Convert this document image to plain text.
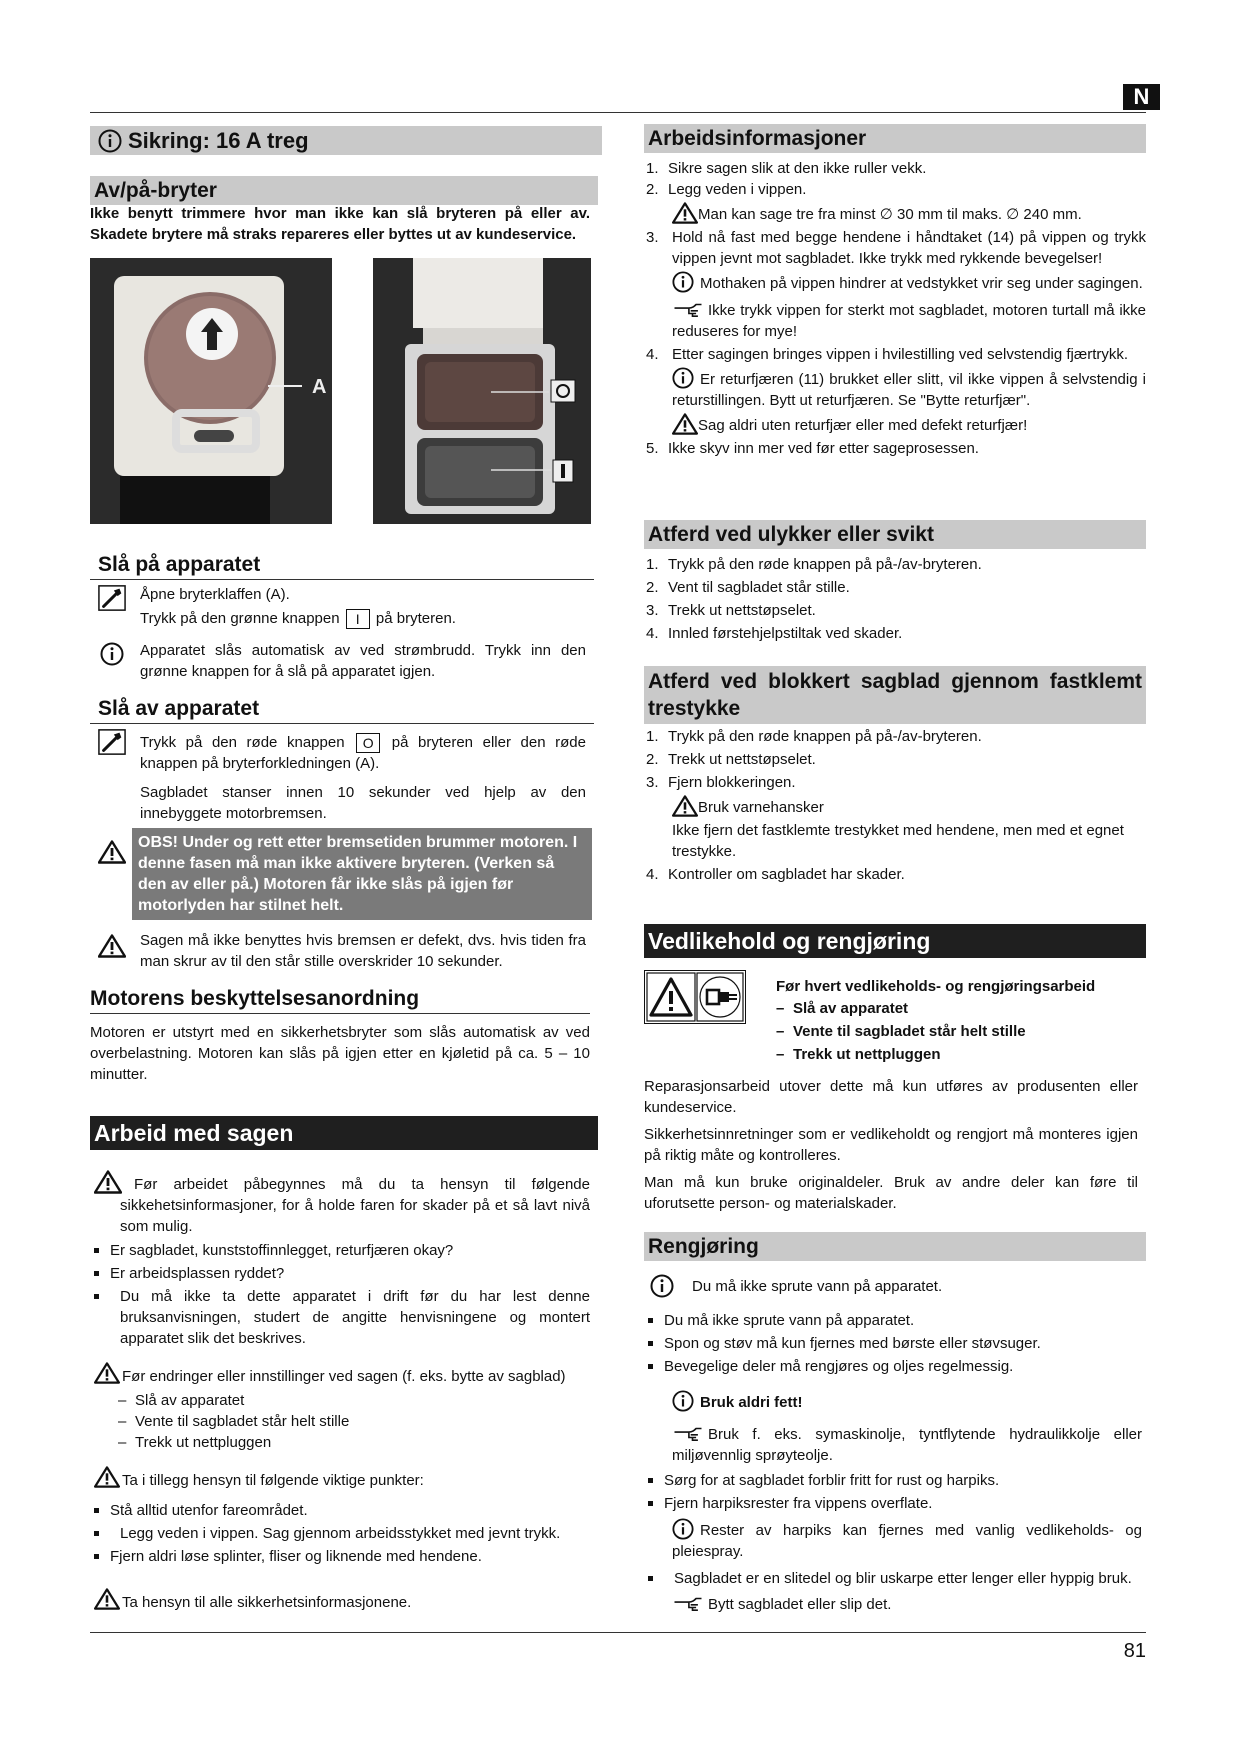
N
Sikring: 16 A treg
Av/på-bryter
Ikke benytt trimmere hvor man ikke kan slå bryteren på eller av. Skadete brytere må straks repareres eller byttes ut av kundeservice.
A
Slå på apparatet
Åpne bryterklaffen (A).
Trykk på den grønne knappen I på bryteren.
Apparatet slås automatisk av ved strømbrudd. Trykk inn den grønne knappen for å slå på apparatet igjen.
Slå av apparatet
Trykk på den røde knappen O på bryteren eller den røde knappen på bryterforkledningen (A).
Sagbladet stanser innen 10 sekunder ved hjelp av den innebyggete motorbremsen.
OBS! Under og rett etter bremsetiden brummer motoren. I denne fasen må man ikke aktivere bryteren. (Verken så den av eller på.) Motoren får ikke slås på igjen før motorlyden har stilnet helt.
Sagen må ikke benyttes hvis bremsen er defekt, dvs. hvis tiden fra man skrur av til den står stille overskrider 10 sekunder.
Motorens beskyttelsesanordning
Motoren er utstyrt med en sikkerhetsbryter som slås automatisk av ved overbelastning. Motoren kan slås på igjen etter en kjøletid på ca. 5 – 10 minutter.
Arbeid med sagen
Før arbeidet påbegynnes må du ta hensyn til følgende sikkehetsinformasjoner, for å holde faren for skader på et så lavt nivå som mulig.
Er sagbladet, kunststoffinnlegget, returfjæren okay?
Er arbeidsplassen ryddet?
Du må ikke ta dette apparatet i drift før du har lest denne bruksanvisningen, studert de angitte henvisningene og montert apparatet slik det beskrives.
Før endringer eller innstillinger ved sagen (f. eks. bytte av sagblad)
– Slå av apparatet
– Vente til sagbladet står helt stille
– Trekk ut nettpluggen
Ta i tillegg hensyn til følgende viktige punkter:
Stå alltid utenfor fareområdet.
Legg veden i vippen. Sag gjennom arbeidsstykket med jevnt trykk.
Fjern aldri løse splinter, fliser og liknende med hendene.
Ta hensyn til alle sikkerhetsinformasjonene.
Arbeidsinformasjoner
1. Sikre sagen slik at den ikke ruller vekk.
2. Legg veden i vippen.
Man kan sage tre fra minst ∅ 30 mm til maks. ∅ 240 mm.
3. Hold nå fast med begge hendene i håndtaket (14) på vippen og trykk vippen jevnt mot sagbladet. Ikke trykk med rykkende bevegelser!
Mothaken på vippen hindrer at vedstykket vrir seg under sagingen.
Ikke trykk vippen for sterkt mot sagbladet, motoren turtall må ikke reduseres for mye!
4. Etter sagingen bringes vippen i hvilestilling ved selvstendig fjærtrykk.
Er returfjæren (11) brukket eller slitt, vil ikke vippen å selvstendig i returstillingen. Bytt ut returfjæren. Se "Bytte returfjær".
Sag aldri uten returfjær eller med defekt returfjær!
5. Ikke skyv inn mer ved før etter sageprosessen.
Atferd ved ulykker eller svikt
1. Trykk på den røde knappen på på-/av-bryteren.
2. Vent til sagbladet står stille.
3. Trekk ut nettstøpselet.
4. Innled førstehjelpstiltak ved skader.
Atferd ved blokkert sagblad gjennom fastklemt trestykke
1. Trykk på den røde knappen på på-/av-bryteren.
2. Trekk ut nettstøpselet.
3. Fjern blokkeringen.
Bruk varnehansker
Ikke fjern det fastklemte trestykket med hendene, men med et egnet trestykke.
4. Kontroller om sagbladet har skader.
Vedlikehold og rengjøring
Før hvert vedlikeholds- og rengjøringsarbeid
– Slå av apparatet
– Vente til sagbladet står helt stille
– Trekk ut nettpluggen
Reparasjonsarbeid utover dette må kun utføres av produsenten eller kundeservice.
Sikkerhetsinnretninger som er vedlikeholdt og rengjort må monteres igjen på riktig måte og kontrolleres.
Man må kun bruke originaldeler. Bruk av andre deler kan føre til uforutsette person- og materialskader.
Rengjøring
Du må ikke sprute vann på apparatet.
Du må ikke sprute vann på apparatet.
Spon og støv må kun fjernes med børste eller støvsuger.
Bevegelige deler må rengjøres og oljes regelmessig.
Bruk aldri fett!
Bruk f. eks. symaskinolje, tyntflytende hydraulikkolje eller miljøvennlig sprøyteolje.
Sørg for at sagbladet forblir fritt for rust og harpiks.
Fjern harpiksrester fra vippens overflate.
Rester av harpiks kan fjernes med vanlig vedlikeholds- og pleiespray.
Sagbladet er en slitedel og blir uskarpe etter lenger eller hyppig bruk.
Bytt sagbladet eller slip det.
81
